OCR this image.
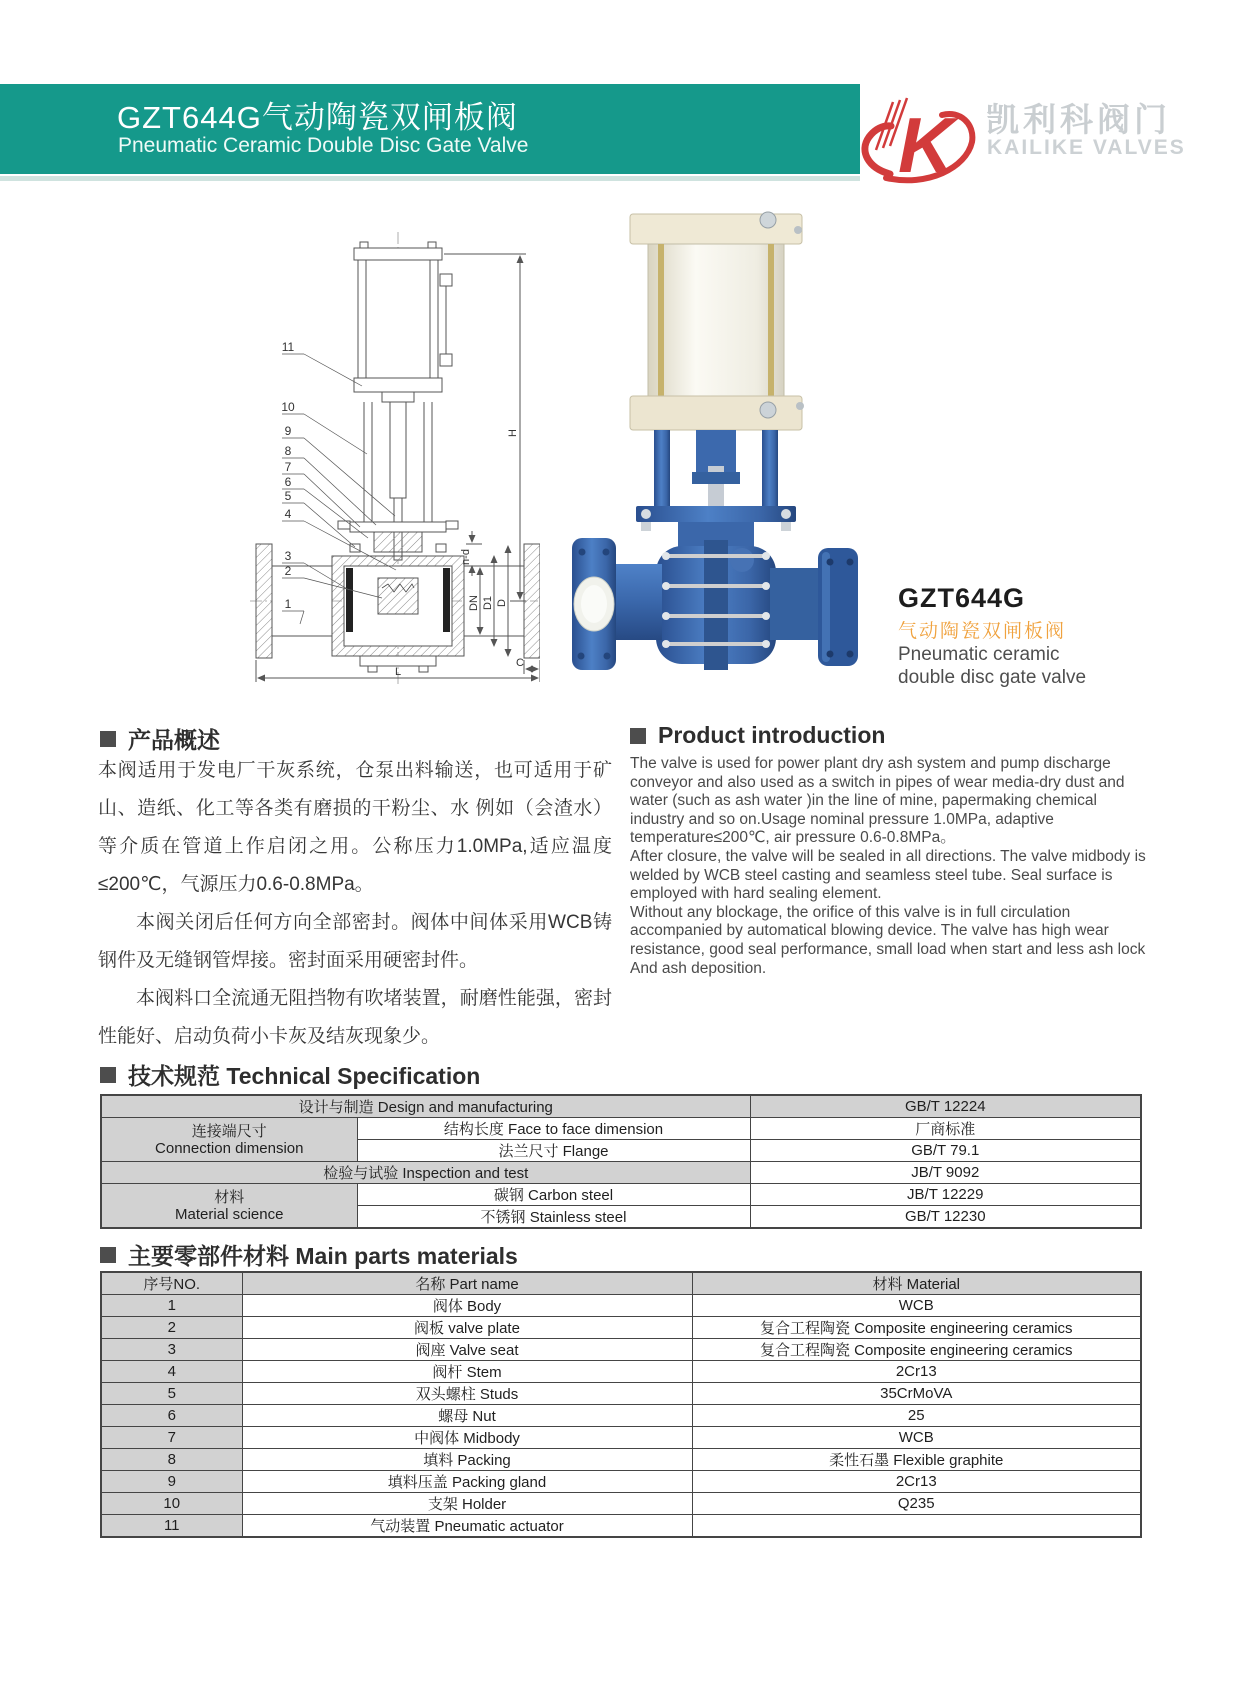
GZT644G气动陶瓷双闸板阀
Pneumatic Ceramic Double Disc Gate Valve	K 凯利科阀门
KAILIKE VALVES
11
10
9
8
7
6
5
4
3
2
1
H
n-d
DN D1 D
L
C
GZT644G
气动陶瓷双闸板阀
Pneumatic ceramic
double disc gate valve
产品概述

本阀适用于发电厂干灰系统，仓泵出料输送，也可适用于矿山、造纸、化工等各类有磨损的干粉尘、水 例如（会渣水）等介质在管道上作启闭之用。公称压力1.0MPa,适应温度≤200℃，气源压力0.6-0.8MPa。

本阀关闭后任何方向全部密封。阀体中间体采用WCB铸钢件及无缝钢管焊接。密封面采用硬密封件。

本阀料口全流通无阻挡物有吹堵装置，耐磨性能强，密封性能好、启动负荷小卡灰及结灰现象少。

Product introduction

The valve is used for power plant dry ash system and pump discharge conveyor and also used as a switch in pipes of wear media-dry dust and water (such as ash water )in the line of mine, papermaking chemical industry and so on.Usage nominal pressure 1.0MPa, adaptive temperature≤200℃, air pressure 0.6-0.8MPa。

After closure, the valve will be sealed in all directions. The valve midbody is welded by WCB steel casting and seamless steel tube. Seal surface is employed with hard sealing element.

Without any blockage, the orifice of this valve is in full circulation accompanied by automatical blowing device. The valve has high wear resistance, good seal performance, small load when start and less ash lock And ash deposition.

技术规范 Technical Specification
设计与制造 Design and manufacturing		GB/T 12224

连接端尺寸
Connection dimension	结构长度 Face to face dimension	厂商标准
	法兰尺寸 Flange	GB/T 79.1
检验与试验 Inspection and test		JB/T 9092

材料
Material science	碳钢 Carbon steel	JB/T 12229
	不锈钢 Stainless steel	GB/T 12230
主要零部件材料 Main parts materials
序号NO.	名称 Part name	材料 Material
1	阀体 Body	WCB
2	阀板 valve plate	复合工程陶瓷 Composite engineering ceramics
3	阀座 Valve seat	复合工程陶瓷 Composite engineering ceramics
4	阀杆 Stem	2Cr13
5	双头螺柱 Studs	35CrMoVA
6	螺母 Nut	25
7	中阀体 Midbody	WCB
8	填料 Packing	柔性石墨 Flexible graphite
9	填料压盖 Packing gland	2Cr13
10	支架 Holder	Q235
11	气动装置 Pneumatic actuator	
